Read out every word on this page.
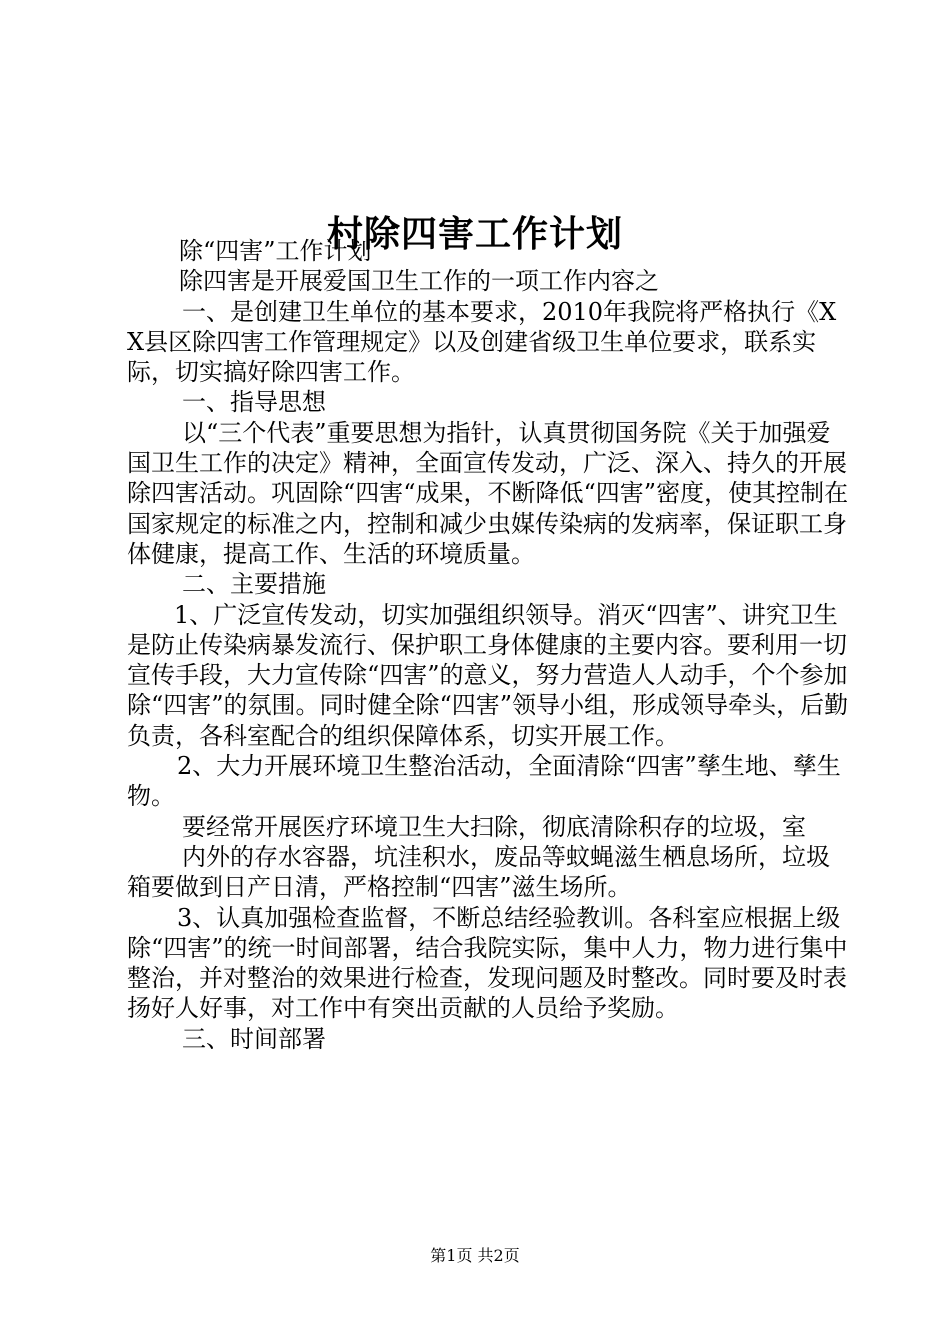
村除四害工作计划

除“四害”工作计划

除四害是开展爱国卫生工作的一项工作内容之

一、是创建卫生单位的基本要求，2010年我院将严格执行《XX县区除四害工作管理规定》以及创建省级卫生单位要求，联系实际，切实搞好除四害工作。

一、指导思想

以“三个代表”重要思想为指针，认真贯彻国务院《关于加强爱国卫生工作的决定》精神，全面宣传发动，广泛、深入、持久的开展除四害活动。巩固除“四害“成果，不断降低“四害”密度，使其控制在国家规定的标准之内，控制和减少虫媒传染病的发病率，保证职工身体健康，提高工作、生活的环境质量。

二、主要措施

1、广泛宣传发动，切实加强组织领导。消灭“四害”、讲究卫生是防止传染病暴发流行、保护职工身体健康的主要内容。要利用一切宣传手段，大力宣传除“四害”的意义，努力营造人人动手，个个参加除“四害”的氛围。同时健全除“四害”领导小组，形成领导牵头，后勤负责，各科室配合的组织保障体系，切实开展工作。

2、大力开展环境卫生整治活动，全面清除“四害”孳生地、孳生物。

要经常开展医疗环境卫生大扫除，彻底清除积存的垃圾，室

内外的存水容器，坑洼积水，废品等蚊蝇滋生栖息场所，垃圾箱要做到日产日清，严格控制“四害”滋生场所。

3、认真加强检查监督，不断总结经验教训。各科室应根据上级除“四害”的统一时间部署，结合我院实际，集中人力，物力进行集中整治，并对整治的效果进行检查，发现问题及时整改。同时要及时表扬好人好事，对工作中有突出贡献的人员给予奖励。

三、时间部署

第1页 共2页
